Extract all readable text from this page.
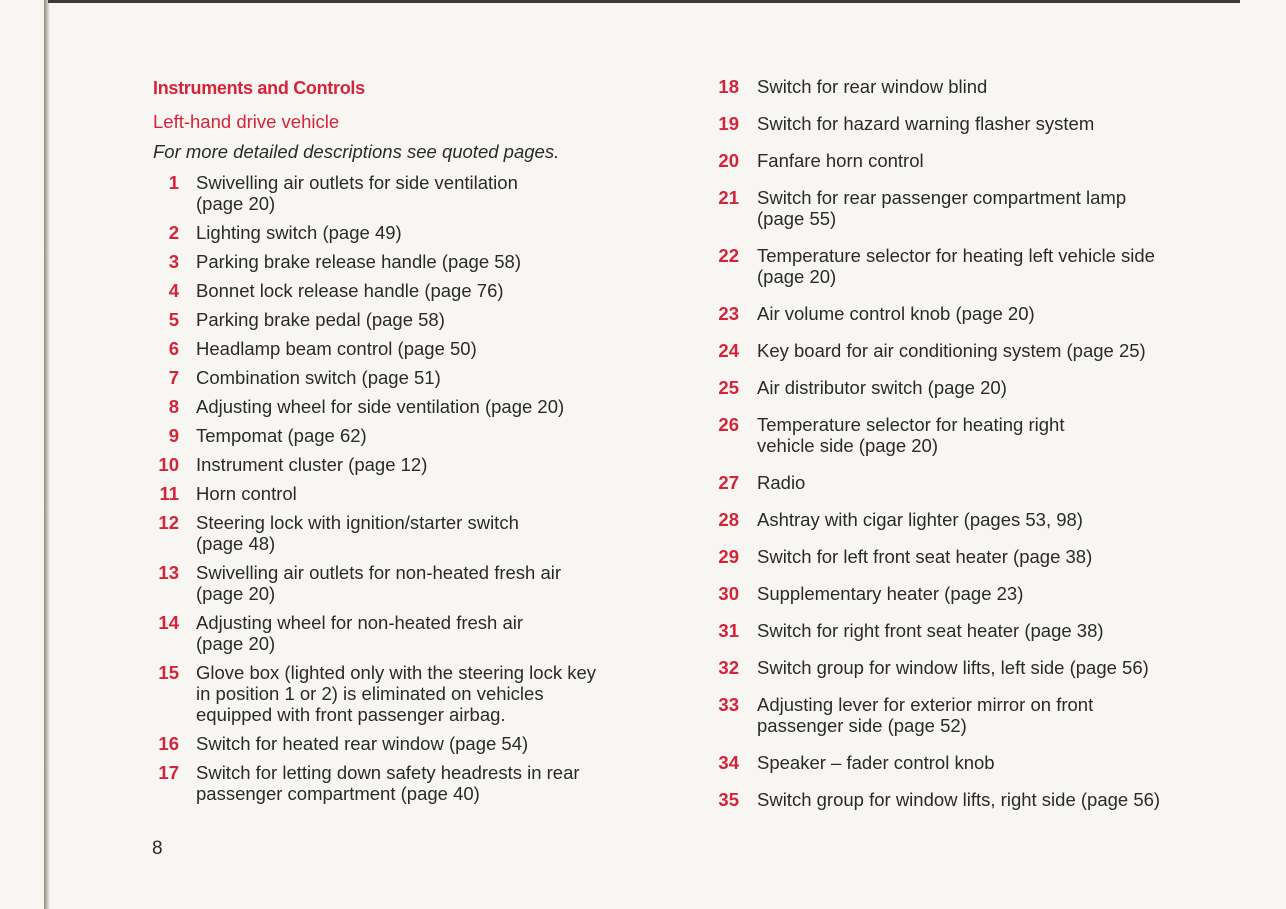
Instruments and Controls
Left-hand drive vehicle
For more detailed descriptions see quoted pages.
1 Swivelling air outlets for side ventilation
(page 20)
2 Lighting switch (page 49)
3 Parking brake release handle (page 58)
4 Bonnet lock release handle (page 76)
5 Parking brake pedal (page 58)
6 Headlamp beam control (page 50)
7 Combination switch (page 51)
8 Adjusting wheel for side ventilation (page 20)
9 Tempomat (page 62)
10 Instrument cluster (page 12)
11 Horn control
12 Steering lock with ignition/starter switch
(page 48)
13 Swivelling air outlets for non-heated fresh air
(page 20)
14 Adjusting wheel for non-heated fresh air
(page 20)
15 Glove box (lighted only with the steering lock key
in position 1 or 2) is eliminated on vehicles
equipped with front passenger airbag.
16 Switch for heated rear window (page 54)
17 Switch for letting down safety headrests in rear
passenger compartment (page 40)
18 Switch for rear window blind
19 Switch for hazard warning flasher system
20 Fanfare horn control
21 Switch for rear passenger compartment lamp
(page 55)
22 Temperature selector for heating left vehicle side
(page 20)
23 Air volume control knob (page 20)
24 Key board for air conditioning system (page 25)
25 Air distributor switch (page 20)
26 Temperature selector for heating right
vehicle side (page 20)
27 Radio
28 Ashtray with cigar lighter (pages 53, 98)
29 Switch for left front seat heater (page 38)
30 Supplementary heater (page 23)
31 Switch for right front seat heater (page 38)
32 Switch group for window lifts, left side (page 56)
33 Adjusting lever for exterior mirror on front
passenger side (page 52)
34 Speaker – fader control knob
35 Switch group for window lifts, right side (page 56)
8
